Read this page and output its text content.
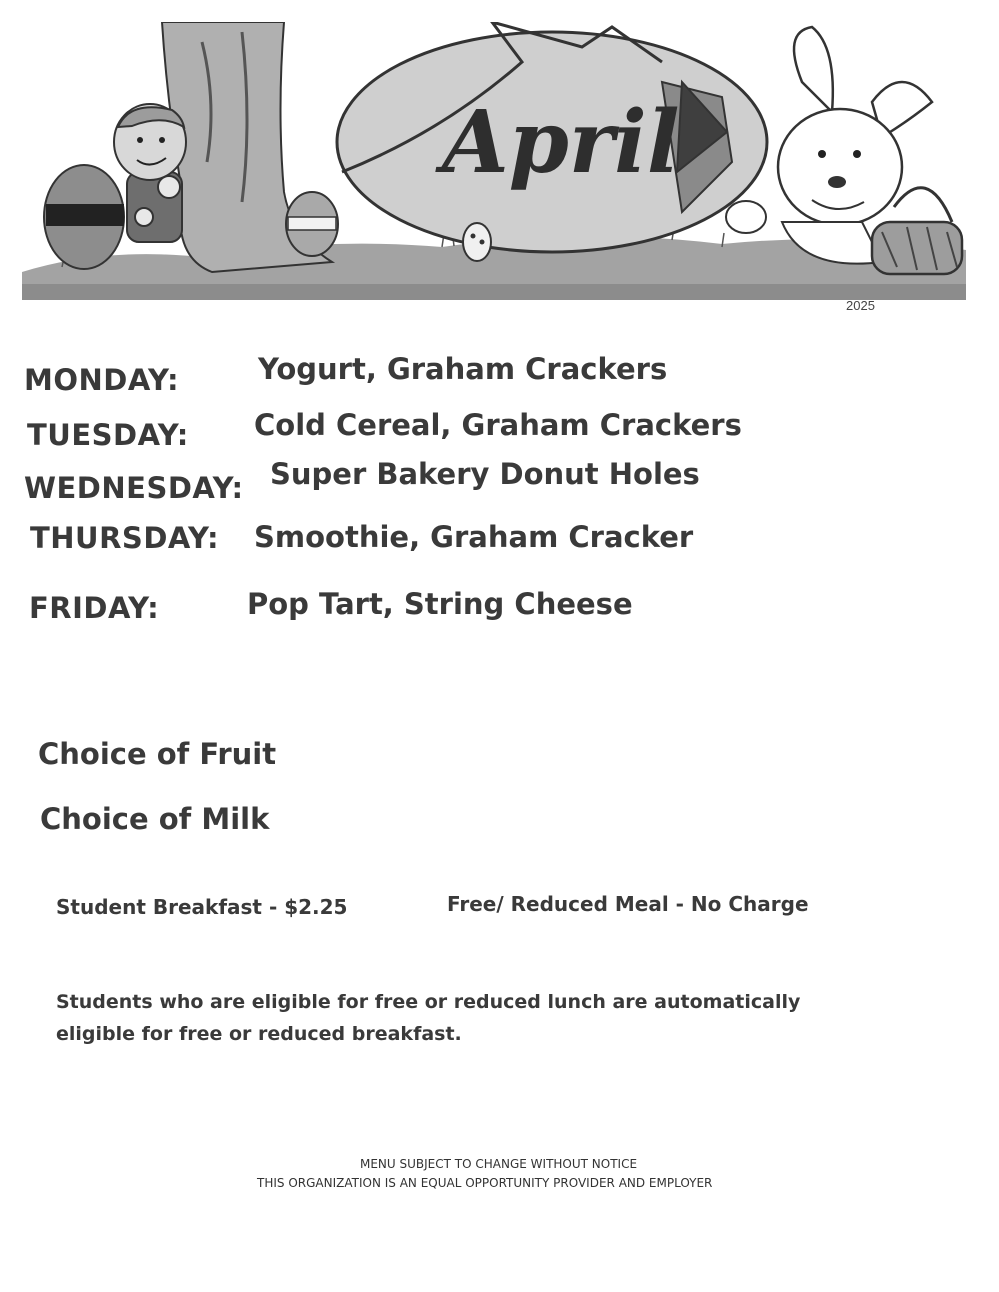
April
2025
MONDAY:	Yogurt, Graham Crackers
TUESDAY: Cold Cereal, Graham Crackers
WEDNESDAY: Super Bakery Donut Holes
THURSDAY: Smoothie, Graham Cracker
FRIDAY:	Pop Tart, String Cheese
Choice of Fruit
Choice of Milk
Student Breakfast - $2.25	Free/ Reduced Meal - No Charge
Students who are eligible for free or reduced lunch are automatically
eligible for free or reduced breakfast.
MENU SUBJECT TO CHANGE WITHOUT NOTICE
THIS ORGANIZATION IS AN EQUAL OPPORTUNITY PROVIDER AND EMPLOYER
